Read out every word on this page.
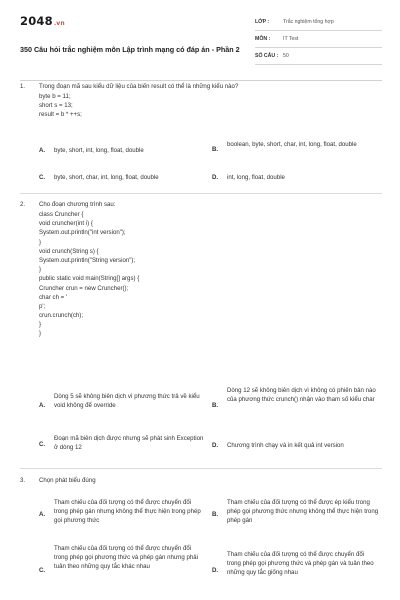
2048.vn
350 Câu hỏi trắc nghiệm môn Lập trình mạng có đáp án - Phần 2
LỚP :	Trắc nghiệm tổng hợp
MÔN :	IT Test
SỐ CÂU : 50
1. Trong đoạn mã sau kiểu dữ liệu của biến result có thể là những kiểu nào?
byte b = 11;
short s = 13;
result = b * ++s;
A. byte, short, int, long, float, double	B.
boolean, byte, short, char, int, long, float, double
C. byte, short, char, int, long, float, double	D. int, long, float, double
2. Cho đoạn chương trình sau:
class Cruncher {
void cruncher(int i) {
System.out.println("int version");
}
void crunch(String s) {
System.out.println("String version");
}
public static void main(String[] args) {
Cruncher crun = new Cruncher();
char ch = '
p';
crun.crunch(ch);
}
}
A.
Dòng 5 sẽ không biên dịch vì phương thức trả về kiểu void không để override	B.
Dòng 12 sẽ không biên dịch vì không có phiên bản nào của phương thức crunch() nhận vào tham số kiểu char
C.
Đoạn mã biên dịch được nhưng sẽ phát sinh Exception ở dòng 12	D. Chương trình chạy và in kết quả int version
3. Chọn phát biểu đúng
A.
Tham chiếu của đối tượng có thể được chuyển đổi trong phép gán nhưng không thể thực hiện trong phép gọi phương thức
B.
Tham chiếu của đối tượng có thể được ép kiểu trong phép gọi phương thức nhưng không thể thực hiện trong phép gán
C.
Tham chiếu của đối tượng có thể được chuyển đổi trong phép gọi phương thức và phép gán nhưng phải tuân theo những quy tắc khác nhau
D.
Tham chiếu của đối tượng có thể được chuyển đổi trong phép gọi phương thức và phép gán và tuân theo những quy tắc giống nhau
